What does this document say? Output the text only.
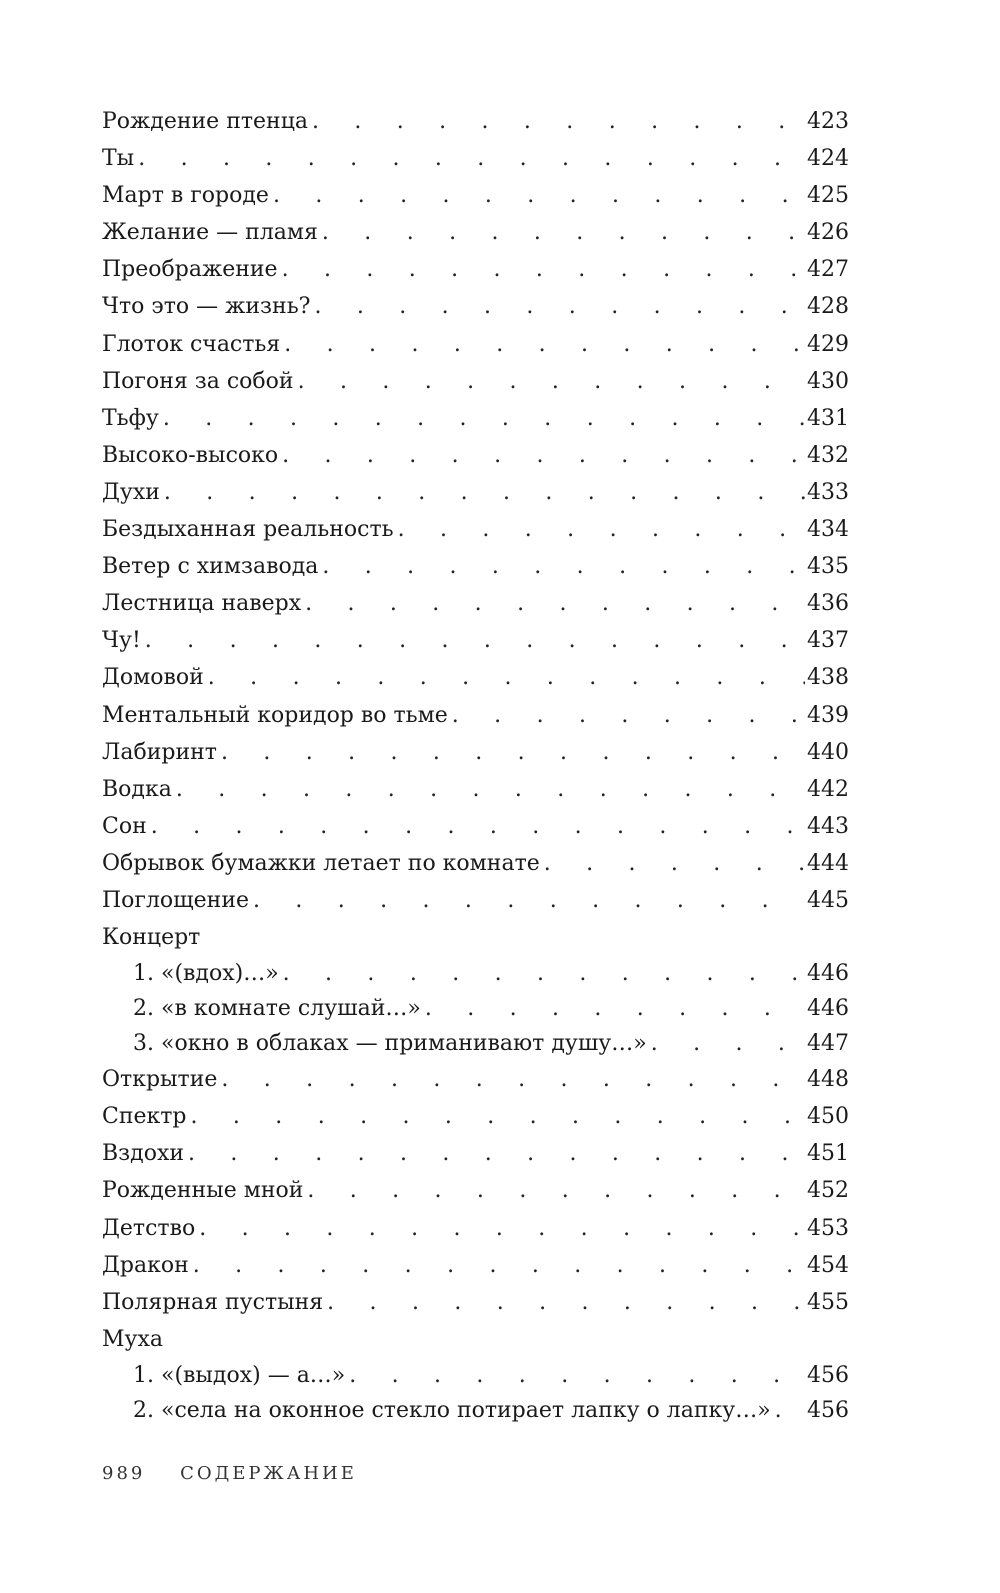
Рождение птенца . . .	423
Ты . . .	424
Март в городе . . .	425
Желание — пламя . . .	426
Преображение . . .	427
Что это — жизнь? . . .	428
Глоток счастья . . .	429
Погоня за собой . . .	430
Тьфу . . .	431
Высоко-высоко . . .	432
Духи . . .	433
Бездыханная реальность . . .	434
Ветер с химзавода . . .	435
Лестница наверх . . .	436
Чу! . . .	437
Домовой . . .	438
Ментальный коридор во тьме . . .	439
Лабиринт . . .	440
Водка . . .	442
Сон . . .	443
Обрывок бумажки летает по комнате . . .	444
Поглощение . . .	445
Концерт
1. «(вдох)…» . . .	446
2. «в комнате слушай…» . . .	446
3. «окно в облаках — приманивают душу…» . . .	447
Открытие . . .	448
Спектр . . .	450
Вздохи . . .	451
Рожденные мной . . .	452
Детство . . .	453
Дракон . . .	454
Полярная пустыня . . .	455
Муха
1. «(выдох) — а…» . . .	456
2. «села на оконное стекло потирает лапку о лапку…» . . . 456
989 СОДЕРЖАНИЕ
